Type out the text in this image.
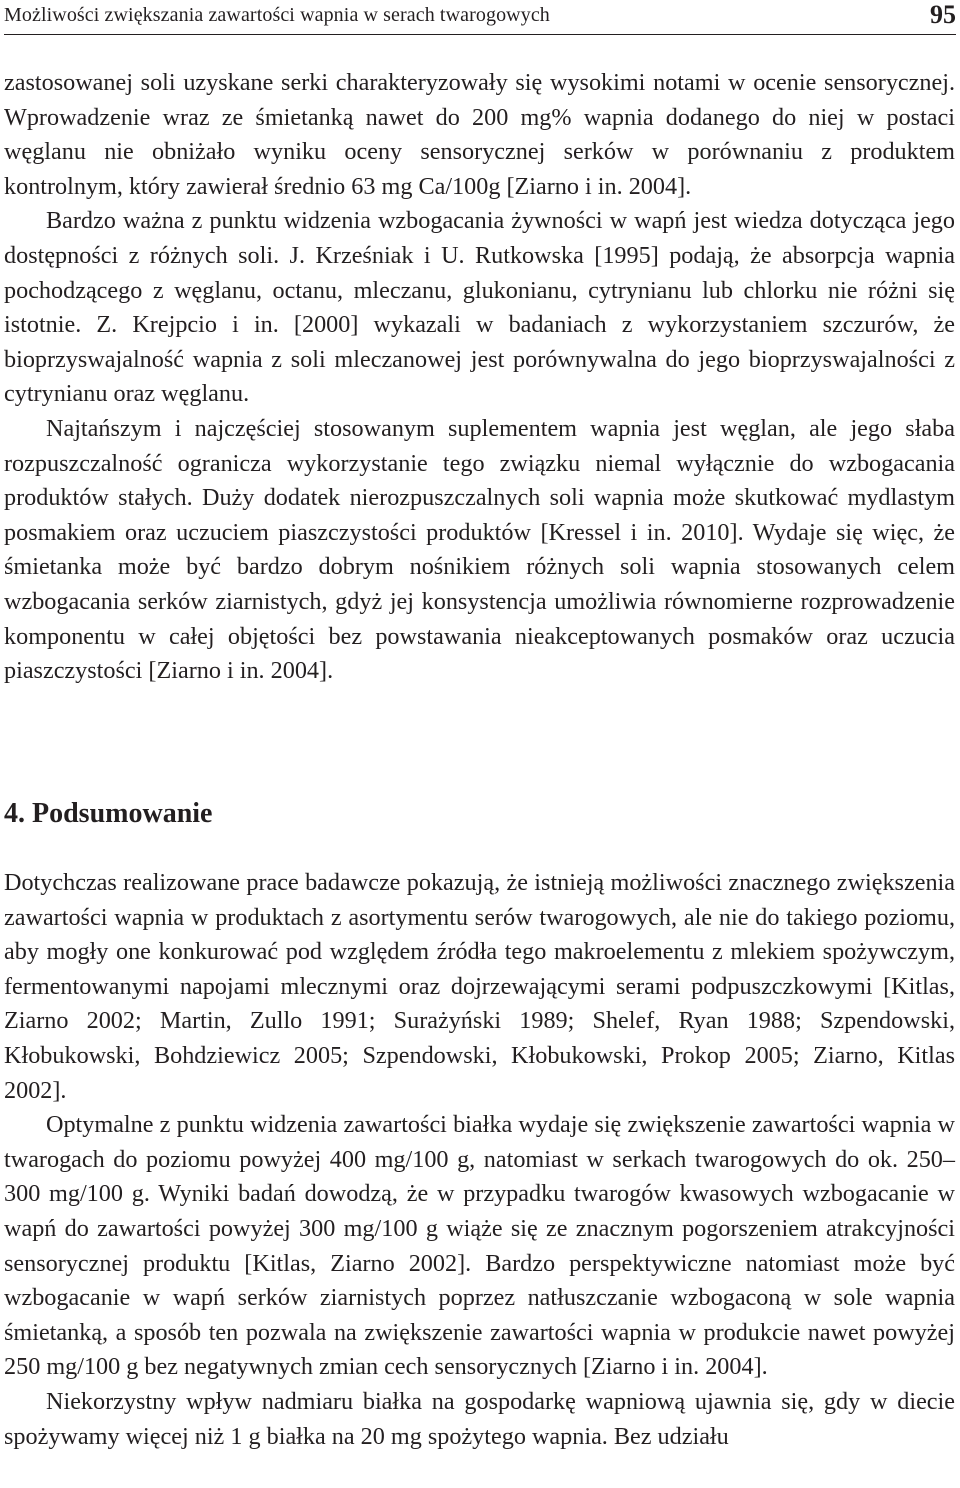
Możliwości zwiększania zawartości wapnia w serach twarogowych	95

zastosowanej soli uzyskane serki charakteryzowały się wysokimi notami w ocenie sensorycznej. Wprowadzenie wraz ze śmietanką nawet do 200 mg% wapnia dodanego do niej w postaci węglanu nie obniżało wyniku oceny sensorycznej serków w porównaniu z produktem kontrolnym, który zawierał średnio 63 mg Ca/100g [Ziarno i in. 2004].

Bardzo ważna z punktu widzenia wzbogacania żywności w wapń jest wiedza dotycząca jego dostępności z różnych soli. J. Krześniak i U. Rutkowska [1995] podają, że absorpcja wapnia pochodzącego z węglanu, octanu, mleczanu, glukonianu, cytrynianu lub chlorku nie różni się istotnie. Z. Krejpcio i in. [2000] wykazali w badaniach z wykorzystaniem szczurów, że bioprzyswajalność wapnia z soli mleczanowej jest porównywalna do jego bioprzyswajalności z cytrynianu oraz węglanu.

Najtańszym i najczęściej stosowanym suplementem wapnia jest węglan, ale jego słaba rozpuszczalność ogranicza wykorzystanie tego związku niemal wyłącznie do wzbogacania produktów stałych. Duży dodatek nierozpuszczalnych soli wapnia może skutkować mydlastym posmakiem oraz uczuciem piaszczystości produktów [Kressel i in. 2010]. Wydaje się więc, że śmietanka może być bardzo dobrym nośnikiem różnych soli wapnia stosowanych celem wzbogacania serków ziarnistych, gdyż jej konsystencja umożliwia równomierne rozprowadzenie komponentu w całej objętości bez powstawania nieakceptowanych posmaków oraz uczucia piaszczystości [Ziarno i in. 2004].

4. Podsumowanie

Dotychczas realizowane prace badawcze pokazują, że istnieją możliwości znacznego zwiększenia zawartości wapnia w produktach z asortymentu serów twarogowych, ale nie do takiego poziomu, aby mogły one konkurować pod względem źródła tego makroelementu z mlekiem spożywczym, fermentowanymi napojami mlecznymi oraz dojrzewającymi serami podpuszczkowymi [Kitlas, Ziarno 2002; Martin, Zullo 1991; Surażyński 1989; Shelef, Ryan 1988; Szpendowski, Kłobukowski, Bohdziewicz 2005; Szpendowski, Kłobukowski, Prokop 2005; Ziarno, Kitlas 2002].

Optymalne z punktu widzenia zawartości białka wydaje się zwiększenie zawartości wapnia w twarogach do poziomu powyżej 400 mg/100 g, natomiast w serkach twarogowych do ok. 250–300 mg/100 g. Wyniki badań dowodzą, że w przypadku twarogów kwasowych wzbogacanie w wapń do zawartości powyżej 300 mg/100 g wiąże się ze znacznym pogorszeniem atrakcyjności sensorycznej produktu [Kitlas, Ziarno 2002]. Bardzo perspektywiczne natomiast może być wzbogacanie w wapń serków ziarnistych poprzez natłuszczanie wzbogaconą w sole wapnia śmietanką, a sposób ten pozwala na zwiększenie zawartości wapnia w produkcie nawet powyżej 250 mg/100 g bez negatywnych zmian cech sensorycznych [Ziarno i in. 2004].

Niekorzystny wpływ nadmiaru białka na gospodarkę wapniową ujawnia się, gdy w diecie spożywamy więcej niż 1 g białka na 20 mg spożytego wapnia. Bez udziału
